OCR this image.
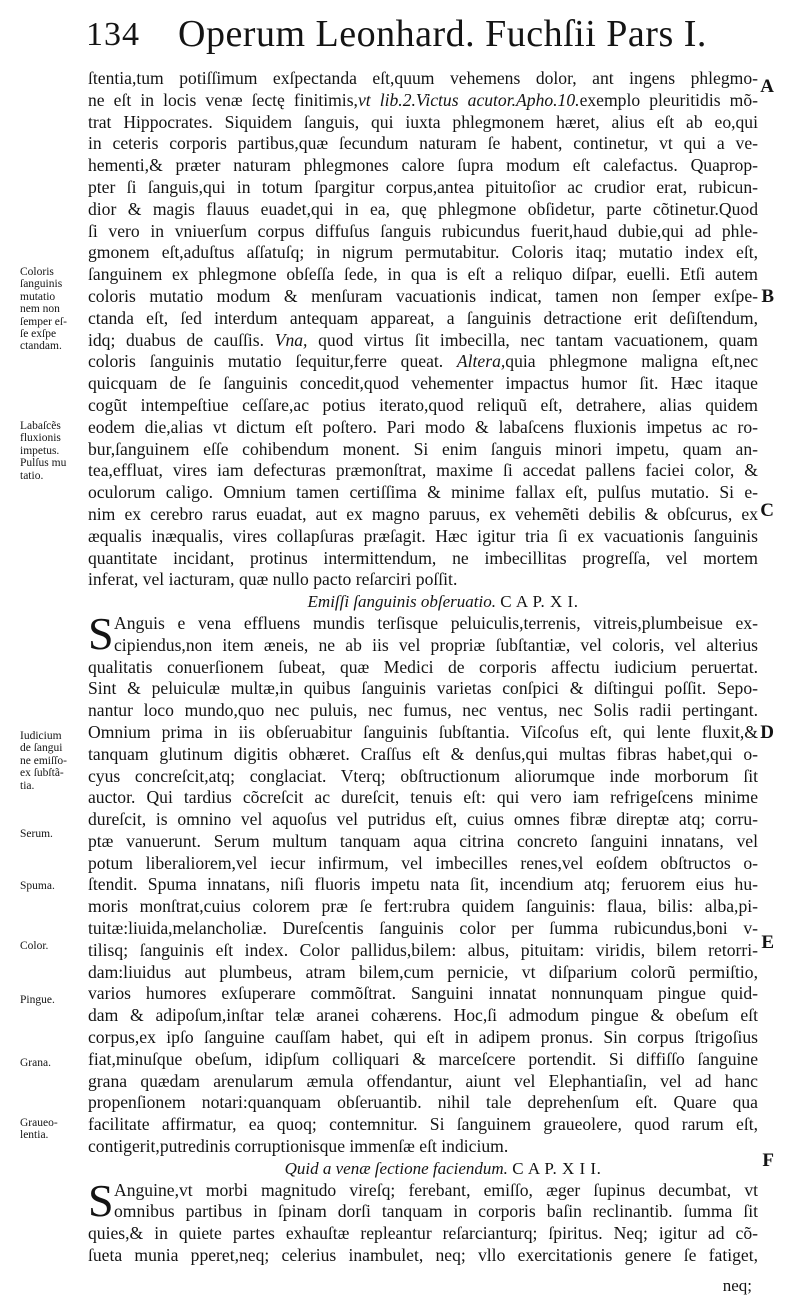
134 Operum Leonhard. Fuchſii Pars I.
Coloris
ſanguinis
mutatio
nem non
ſemper eſ-
ſe exſpe
ctandam.
Labaſcẽs
fluxionis
impetus.
Pulſus mu
tatio.
Iudicium
de ſangui
ne emiſſo-
ex ſubſtã-
tia.
Serum.
Spuma.
Color.
Pingue.
Grana.
Graueo-
lentia.
A
B
C
D
E
F
ſtentia,tum potiſſimum exſpectanda eſt,quum vehemens dolor, ant ingens phlegmo-
ne eſt in locis venæ ſectę finitimis,vt lib.2.Victus acutor.Apho.10.exemplo pleuritidis mõ-
trat Hippocrates. Siquidem ſanguis, qui iuxta phlegmonem hæret, alius eſt ab eo,qui
in ceteris corporis partibus,quæ ſecundum naturam ſe habent, continetur, vt qui a ve-
hementi,& præter naturam phlegmones calore ſupra modum eſt calefactus. Quaprop-
pter ſi ſanguis,qui in totum ſpargitur corpus,antea pituitoſior ac crudior erat, rubicun-
dior & magis flauus euadet,qui in ea, quę phlegmone obſidetur, parte cõtinetur.Quod
ſi vero in vniuerſum corpus diffuſus ſanguis rubicundus fuerit,haud dubie,qui ad phle-
gmonem eſt,aduſtus aſſatuſq; in nigrum permutabitur. Coloris itaq; mutatio index eſt,
ſanguinem ex phlegmone obſeſſa ſede, in qua is eſt a reliquo diſpar, euelli. Etſi autem
coloris mutatio modum & menſuram vacuationis indicat, tamen non ſemper exſpe-
ctanda eſt, ſed interdum antequam appareat, a ſanguinis detractione erit deſiſtendum,
idq; duabus de cauſſis. Vna, quod virtus ſit imbecilla, nec tantam vacuationem, quam
coloris ſanguinis mutatio ſequitur,ferre queat. Altera,quia phlegmone maligna eſt,nec
quicquam de ſe ſanguinis concedit,quod vehementer impactus humor ſit. Hæc itaque
cogũt intempeſtiue ceſſare,ac potius iterato,quod reliquũ eſt, detrahere, alias quidem
eodem die,alias vt dictum eſt poſtero. Pari modo & labaſcens fluxionis impetus ac ro-
bur,ſanguinem eſſe cohibendum monent. Si enim ſanguis minori impetu, quam an-
tea,effluat, vires iam defecturas præmonſtrat, maxime ſi accedat pallens faciei color, &
oculorum caligo. Omnium tamen certiſſima & minime fallax eſt, pulſus mutatio. Si e-
nim ex cerebro rarus euadat, aut ex magno paruus, ex vehemẽti debilis & obſcurus, ex
æqualis inæqualis, vires collapſuras præſagit. Hæc igitur tria ſi ex vacuationis ſanguinis
quantitate incidant, protinus intermittendum, ne imbecillitas progreſſa, vel mortem
inferat, vel iacturam, quæ nullo pacto reſarciri poſſit.
Emiſſi ſanguinis obſeruatio. C A P. X I.
S Anguis e vena effluens mundis terſisque peluiculis,terrenis, vitreis,plumbeisue ex-
cipiendus,non item æneis, ne ab iis vel propriæ ſubſtantiæ, vel coloris, vel alterius
qualitatis conuerſionem ſubeat, quæ Medici de corporis affectu iudicium peruertat.
Sint & peluiculæ multæ,in quibus ſanguinis varietas conſpici & diſtingui poſſit. Sepo-
nantur loco mundo,quo nec puluis, nec fumus, nec ventus, nec Solis radii pertingant.
Omnium prima in iis obſeruabitur ſanguinis ſubſtantia. Viſcoſus eſt, qui lente fluxit,&
tanquam glutinum digitis obhæret. Craſſus eſt & denſus,qui multas fibras habet,qui o-
cyus concreſcit,atq; conglaciat. Vterq; obſtructionum aliorumque inde morborum ſit
auctor. Qui tardius cõcreſcit ac dureſcit, tenuis eſt: qui vero iam refrigeſcens minime
dureſcit, is omnino vel aquoſus vel putridus eſt, cuius omnes fibræ direptæ atq; corru-
ptæ vanuerunt. Serum multum tanquam aqua citrina concreto ſanguini innatans, vel
potum liberaliorem,vel iecur infirmum, vel imbecilles renes,vel eoſdem obſtructos o-
ſtendit. Spuma innatans, niſi fluoris impetu nata ſit, incendium atq; feruorem eius hu-
moris monſtrat,cuius colorem præ ſe fert:rubra quidem ſanguinis: flaua, bilis: alba,pi-
tuitæ:liuida,melancholiæ. Dureſcentis ſanguinis color per ſumma rubicundus,boni v-
tilisq; ſanguinis eſt index. Color pallidus,bilem: albus, pituitam: viridis, bilem retorri-
dam:liuidus aut plumbeus, atram bilem,cum pernicie, vt diſparium colorũ permiſtio,
varios humores exſuperare commõſtrat. Sanguini innatat nonnunquam pingue quid-
dam & adipoſum,inſtar telæ aranei cohærens. Hoc,ſi admodum pingue & obeſum eſt
corpus,ex ipſo ſanguine cauſſam habet, qui eſt in adipem pronus. Sin corpus ſtrigoſius
fiat,minuſque obeſum, idipſum colliquari & marceſcere portendit. Si diffiſſo ſanguine
grana quædam arenularum æmula offendantur, aiunt vel Elephantiaſin, vel ad hanc
propenſionem notari:quanquam obſeruantib. nihil tale deprehenſum eſt. Quare qua
facilitate affirmatur, ea quoq; contemnitur. Si ſanguinem graueolere, quod rarum eſt,
contigerit,putredinis corruptionisque immenſæ eſt indicium.
Quid a venæ ſectione faciendum. C A P. X I I.
S Anguine,vt morbi magnitudo vireſq; ferebant, emiſſo, æger ſupinus decumbat, vt
omnibus partibus in ſpinam dorſi tanquam in corporis baſin reclinantib. ſumma ſit
quies,& in quiete partes exhauſtæ repleantur reſarcianturq; ſpiritus. Neq; igitur ad cõ-
ſueta munia pperet,neq; celerius inambulet, neq; vllo exercitationis genere ſe fatiget,
neq;
